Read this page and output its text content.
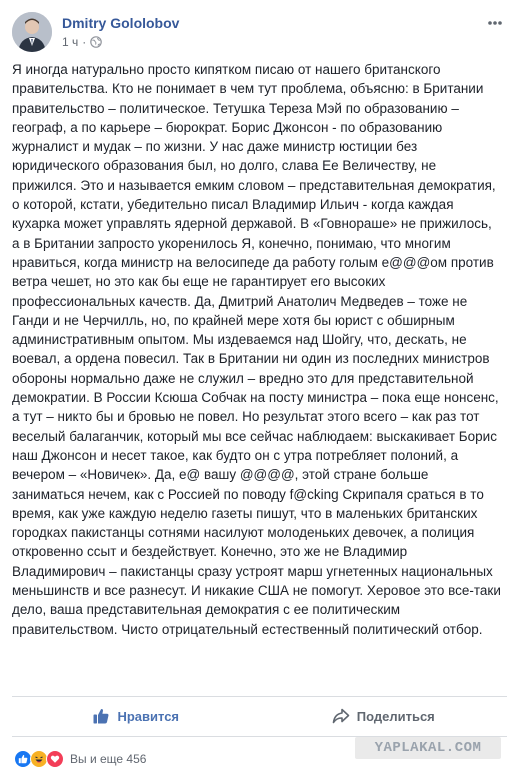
Dmitry Gololobov
1 ч ·

Я иногда натурально просто кипятком писаю от нашего британского правительства. Кто не понимает в чем тут проблема, объясню: в Британии правительство – политическое. Тетушка Тереза Мэй по образованию – географ, а по карьере – бюрократ. Борис Джонсон - по образованию журналист и мудак – по жизни. У нас даже министр юстиции без юридического образования был, но долго, слава Ее Величеству, не прижился. Это и называется емким словом – представительная демократия, о которой, кстати, убедительно писал Владимир Ильич - когда каждая кухарка может управлять ядерной державой. В «Говнораше» не прижилось, а в Британии запросто укоренилось Я, конечно, понимаю, что многим нравиться, когда министр на велосипеде да работу голым е@@@ом против ветра чешет, но это как бы еще не гарантирует его высоких профессиональных качеств. Да, Дмитрий Анатолич Медведев – тоже не Ганди и не Черчилль, но, по крайней мере хотя бы юрист с обширным административным опытом. Мы издеваемся над Шойгу, что, дескать, не воевал, а ордена повесил. Так в Британии ни один из последних министров обороны нормально даже не служил – вредно это для представительной демократии. В России Ксюша Собчак на посту министра – пока еще нонсенс, а тут – никто бы и бровью не повел. Но результат этого всего – как раз тот веселый балаганчик, который мы все сейчас наблюдаем: выскакивает Борис наш Джонсон и несет такое, как будто он с утра потребляет полоний, а вечером – «Новичек». Да, е@ вашу @@@@, этой стране больше заниматься нечем, как с Россией по поводу f@cking Скрипаля сраться в то время, как уже каждую неделю газеты пишут, что в маленьких британских городках пакистанцы сотнями насилуют молоденьких девочек, а полиция откровенно ссыт и бездействует. Конечно, это же не Владимир Владимирович – пакистанцы сразу устроят марш угнетенных национальных меньшинств и все разнесут. И никакие США не помогут. Херовое это все-таки дело, ваша представительная демократия с ее политическим правительством. Чисто отрицательный естественный политический отбор.

Нравится	Поделиться
Вы и еще 456
YAPLAKAL.COM
